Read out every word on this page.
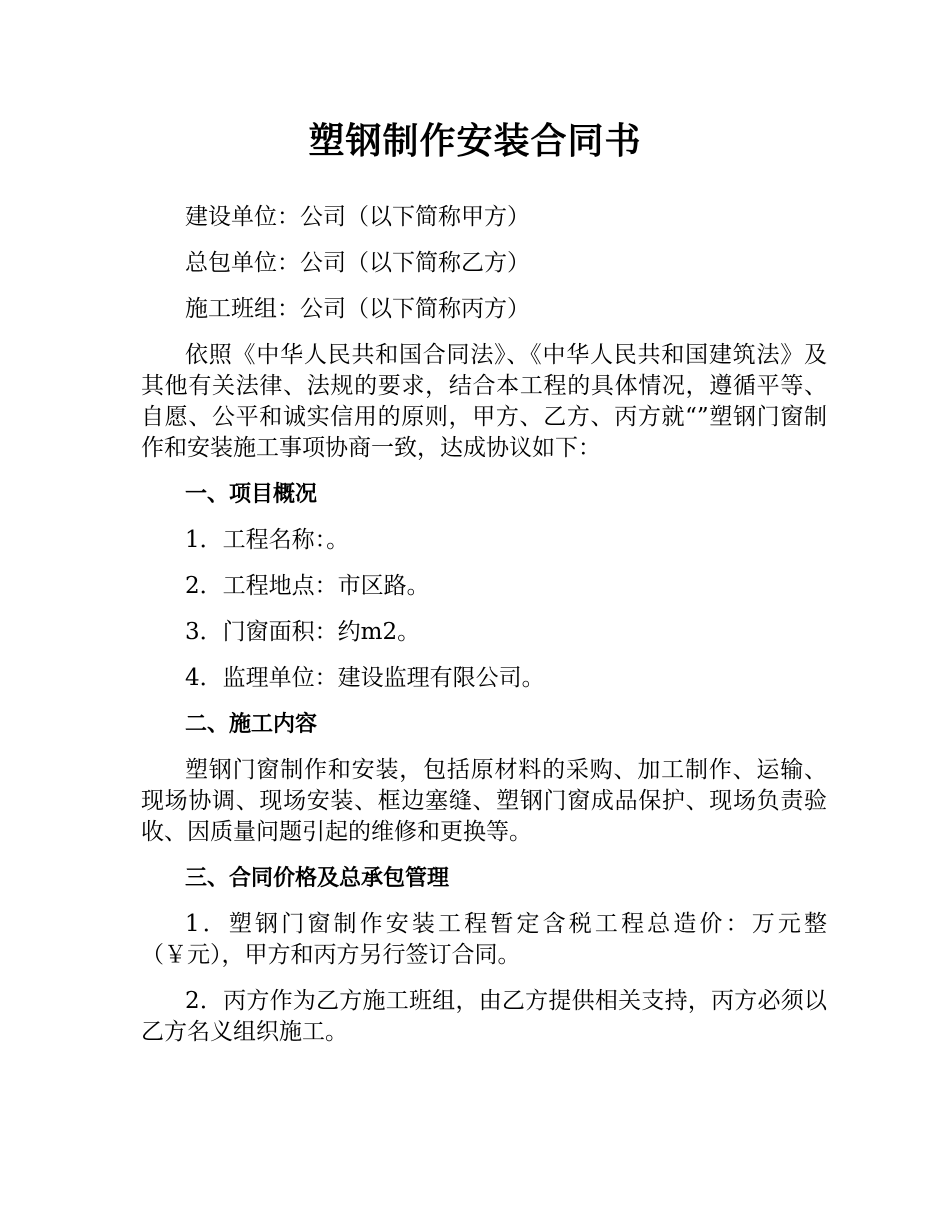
塑钢制作安装合同书

建设单位：公司（以下简称甲方）

总包单位：公司（以下简称乙方）

施工班组：公司（以下简称丙方）

依照《中华人民共和国合同法》、《中华人民共和国建筑法》及其他有关法律、法规的要求，结合本工程的具体情况，遵循平等、自愿、公平和诚实信用的原则，甲方、乙方、丙方就“”塑钢门窗制作和安装施工事项协商一致，达成协议如下：

一、项目概况

1．工程名称：。

2．工程地点：市区路。

3．门窗面积：约m2。

4．监理单位：建设监理有限公司。

二、施工内容

塑钢门窗制作和安装，包括原材料的采购、加工制作、运输、现场协调、现场安装、框边塞缝、塑钢门窗成品保护、现场负责验收、因质量问题引起的维修和更换等。

三、合同价格及总承包管理

1．塑钢门窗制作安装工程暂定含税工程总造价：万元整（￥元），甲方和丙方另行签订合同。

2．丙方作为乙方施工班组，由乙方提供相关支持，丙方必须以乙方名义组织施工。
